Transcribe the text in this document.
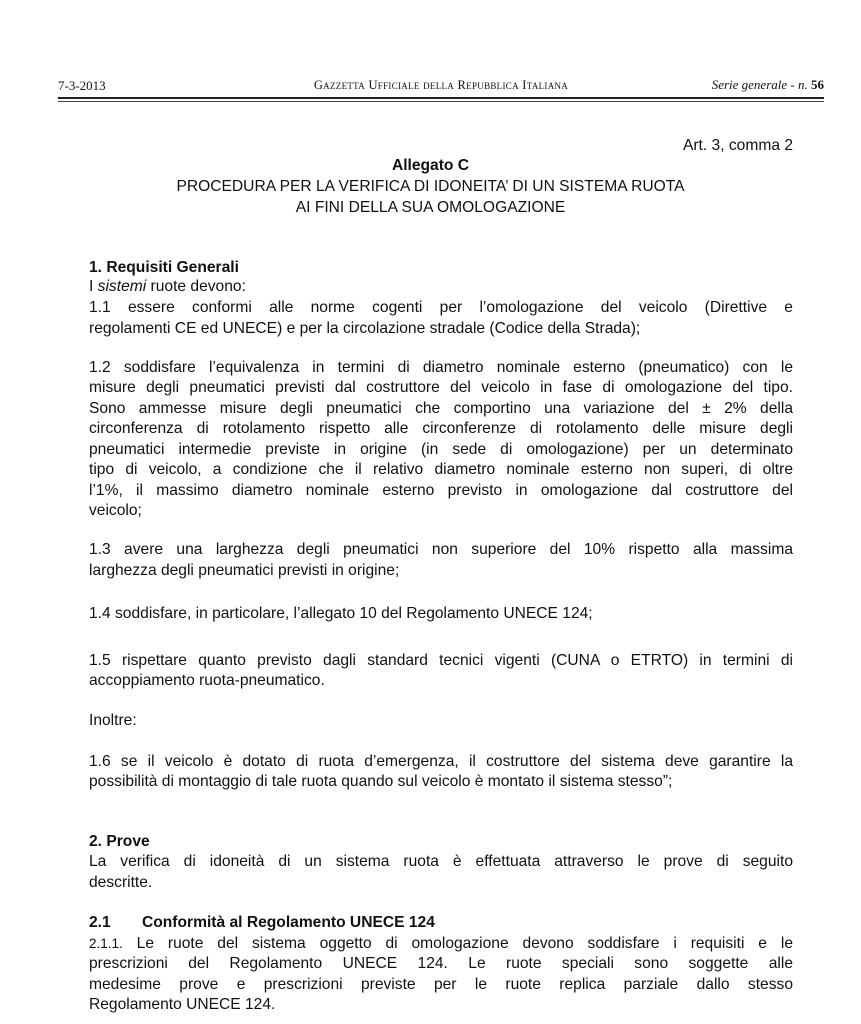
7-3-2013	Gazzetta Ufficiale della Repubblica Italiana	Serie generale - n. 56
Art. 3, comma 2
Allegato C
PROCEDURA PER LA VERIFICA DI IDONEITA’ DI UN SISTEMA RUOTA
AI FINI DELLA SUA OMOLOGAZIONE
1. Requisiti Generali
I sistemi ruote devono:
1.1 essere conformi alle norme cogenti per l’omologazione del veicolo (Direttive e
regolamenti CE ed UNECE) e per la circolazione stradale (Codice della Strada);
1.2 soddisfare l’equivalenza in termini di diametro nominale esterno (pneumatico) con le
misure degli pneumatici previsti dal costruttore del veicolo in fase di omologazione del tipo.
Sono ammesse misure degli pneumatici che comportino una variazione del ± 2% della
circonferenza di rotolamento rispetto alle circonferenze di rotolamento delle misure degli
pneumatici intermedie previste in origine (in sede di omologazione) per un determinato
tipo di veicolo, a condizione che il relativo diametro nominale esterno non superi, di oltre
l’1%, il massimo diametro nominale esterno previsto in omologazione dal costruttore del
veicolo;
1.3 avere una larghezza degli pneumatici non superiore del 10% rispetto alla massima
larghezza degli pneumatici previsti in origine;
1.4 soddisfare, in particolare, l’allegato 10 del Regolamento UNECE 124;
1.5 rispettare quanto previsto dagli standard tecnici vigenti (CUNA o ETRTO) in termini di
accoppiamento ruota-pneumatico.
Inoltre:
1.6 se il veicolo è dotato di ruota d’emergenza, il costruttore del sistema deve garantire la
possibilità di montaggio di tale ruota quando sul veicolo è montato il sistema stesso”;
2. Prove
La verifica di idoneità di un sistema ruota è effettuata attraverso le prove di seguito
descritte.
2.1 Conformità al Regolamento UNECE 124
2.1.1. Le ruote del sistema oggetto di omologazione devono soddisfare i requisiti e le
prescrizioni del Regolamento UNECE 124. Le ruote speciali sono soggette alle
medesime prove e prescrizioni previste per le ruote replica parziale dallo stesso
Regolamento UNECE 124.
